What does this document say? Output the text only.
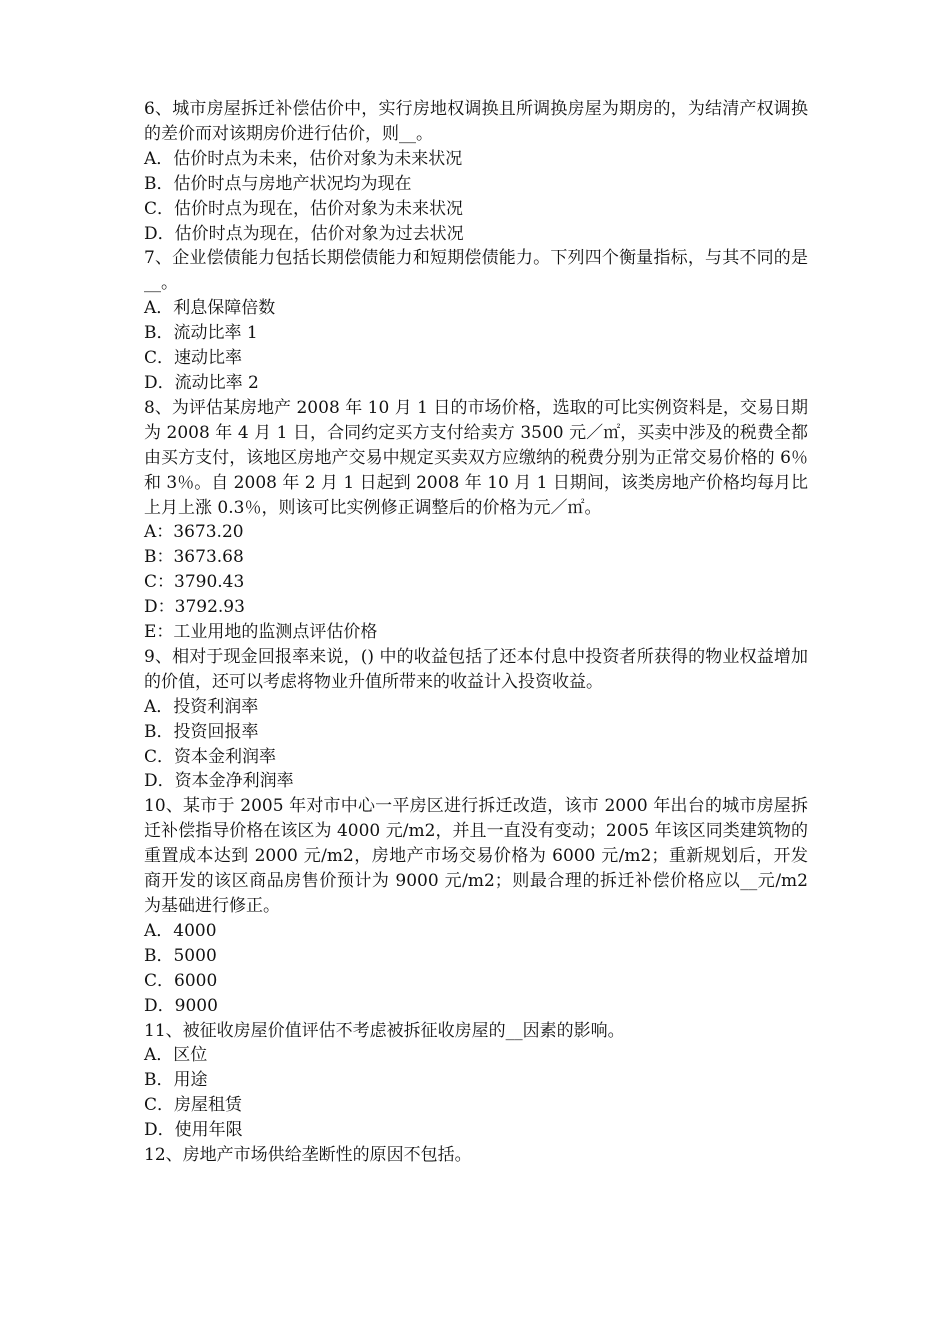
6、城市房屋拆迁补偿估价中，实行房地权调换且所调换房屋为期房的，为结清产权调换的差价而对该期房价进行估价，则__。

A．估价时点为未来，估价对象为未来状况

B．估价时点与房地产状况均为现在

C．估价时点为现在，估价对象为未来状况

D．估价时点为现在，估价对象为过去状况

7、企业偿债能力包括长期偿债能力和短期偿债能力。下列四个衡量指标，与其不同的是__。

A．利息保障倍数

B．流动比率 1

C．速动比率

D．流动比率 2

8、为评估某房地产 2008 年 10 月 1 日的市场价格，选取的可比实例资料是，交易日期为 2008 年 4 月 1 日，合同约定买方支付给卖方 3500 元／㎡，买卖中涉及的税费全都由买方支付，该地区房地产交易中规定买卖双方应缴纳的税费分别为正常交易价格的 6％和 3％。自 2008 年 2 月 1 日起到 2008 年 10 月 1 日期间，该类房地产价格均每月比上月上涨 0.3％，则该可比实例修正调整后的价格为元／㎡。

A：3673.20

B：3673.68

C：3790.43

D：3792.93

E：工业用地的监测点评估价格

9、相对于现金回报率来说，() 中的收益包括了还本付息中投资者所获得的物业权益增加的价值，还可以考虑将物业升值所带来的收益计入投资收益。

A．投资利润率

B．投资回报率

C．资本金利润率

D．资本金净利润率

10、某市于 2005 年对市中心一平房区进行拆迁改造，该市 2000 年出台的城市房屋拆迁补偿指导价格在该区为 4000 元/m2，并且一直没有变动；2005 年该区同类建筑物的重置成本达到 2000 元/m2，房地产市场交易价格为 6000 元/m2；重新规划后，开发商开发的该区商品房售价预计为 9000 元/m2；则最合理的拆迁补偿价格应以__元/m2 为基础进行修正。

A．4000

B．5000

C．6000

D．9000

11、被征收房屋价值评估不考虑被拆征收房屋的__因素的影响。

A．区位

B．用途

C．房屋租赁

D．使用年限

12、房地产市场供给垄断性的原因不包括。
